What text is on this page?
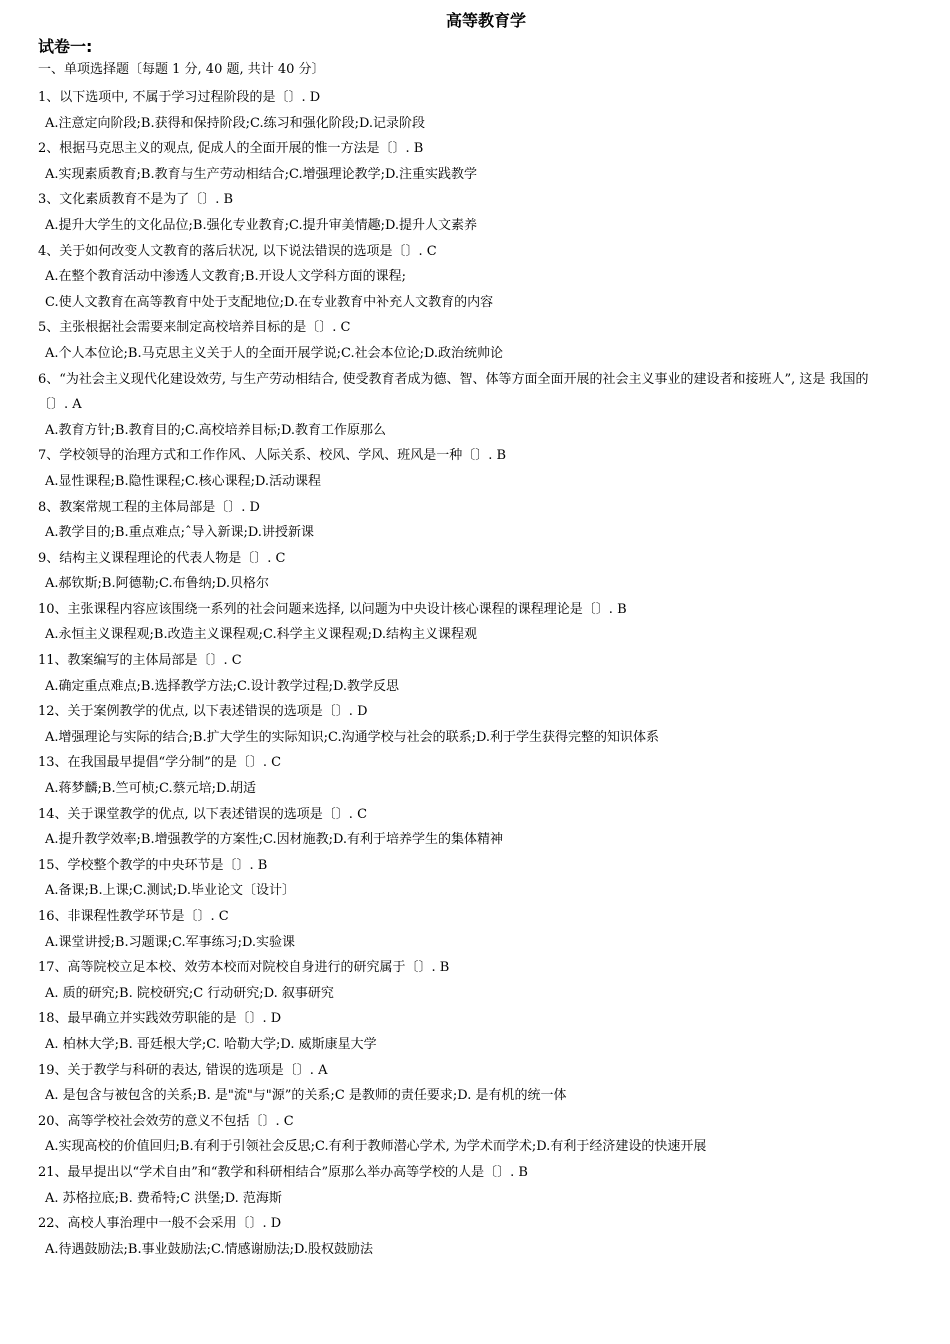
高等教育学
试卷一:
一、单项选择题〔每题 1 分, 40 题, 共计 40 分〕
1、以下选项中, 不属于学习过程阶段的是〔〕. D
A.注意定向阶段;B.获得和保持阶段;C.练习和强化阶段;D.记录阶段
2、根据马克思主义的观点, 促成人的全面开展的惟一方法是〔〕. B
A.实现素质教育;B.教育与生产劳动相结合;C.增强理论教学;D.注重实践教学
3、文化素质教育不是为了〔〕. B
A.提升大学生的文化品位;B.强化专业教育;C.提升审美情趣;D.提升人文素养
4、关于如何改变人文教育的落后状况, 以下说法错误的选项是〔〕. C
A.在整个教育活动中渗透人文教育;B.开设人文学科方面的课程;
C.使人文教育在高等教育中处于支配地位;D.在专业教育中补充人文教育的内容
5、主张根据社会需要来制定高校培养目标的是〔〕. C
A.个人本位论;B.马克思主义关于人的全面开展学说;C.社会本位论;D.政治统帅论
6、“为社会主义现代化建设效劳, 与生产劳动相结合, 使受教育者成为德、智、体等方面全面开展的社会主义事业的建设者和接班人”, 这是 我国的
〔〕. A
A.教育方针;B.教育目的;C.高校培养目标;D.教育工作原那么
7、学校领导的治理方式和工作作风、人际关系、校风、学风、班风是一种〔〕. B
A.显性课程;B.隐性课程;C.核心课程;D.活动课程
8、教案常规工程的主体局部是〔〕. D
A.教学目的;B.重点难点;ˆ导入新课;D.讲授新课
9、结构主义课程理论的代表人物是〔〕. C
A.郝钦斯;B.阿德勒;C.布鲁纳;D.贝格尔
10、主张课程内容应该围绕一系列的社会问题来选择, 以问题为中央设计核心课程的课程理论是〔〕. B
A.永恒主义课程观;B.改造主义课程观;C.科学主义课程观;D.结构主义课程观
11、教案编写的主体局部是〔〕. C
A.确定重点难点;B.选择教学方法;C.设计教学过程;D.教学反思
12、关于案例教学的优点, 以下表述错误的选项是〔〕. D
A.增强理论与实际的结合;B.扩大学生的实际知识;C.沟通学校与社会的联系;D.利于学生获得完整的知识体系
13、在我国最早提倡“学分制”的是〔〕. C
A.蒋梦麟;B.竺可桢;C.蔡元培;D.胡适
14、关于课堂教学的优点, 以下表述错误的选项是〔〕. C
A.提升教学效率;B.增强教学的方案性;C.因材施教;D.有利于培养学生的集体精神
15、学校整个教学的中央环节是〔〕. B
A.备课;B.上课;C.测试;D.毕业论文〔设计〕
16、非课程性教学环节是〔〕. C
A.课堂讲授;B.习题课;C.军事练习;D.实验课
17、高等院校立足本校、效劳本校而对院校自身进行的研究属于〔〕. B
A. 质的研究;B. 院校研究;C 行动研究;D. 叙事研究
18、最早确立并实践效劳职能的是〔〕. D
A. 柏林大学;B. 哥廷根大学;C. 哈勒大学;D. 威斯康星大学
19、关于教学与科研的表达, 错误的选项是〔〕. A
A. 是包含与被包含的关系;B. 是"流"与"源”的关系;C 是教师的责任要求;D. 是有机的统一体
20、高等学校社会效劳的意义不包括〔〕. C
A.实现高校的价值回归;B.有利于引领社会反思;C.有利于教师潜心学术, 为学术而学术;D.有利于经济建设的快速开展
21、最早提出以“学术自由”和“教学和科研相结合”原那么举办高等学校的人是〔〕. B
A. 苏格拉底;B. 费希特;C 洪堡;D. 范海斯
22、高校人事治理中一般不会采用〔〕. D
A.待遇鼓励法;B.事业鼓励法;C.情感谢励法;D.股权鼓励法
